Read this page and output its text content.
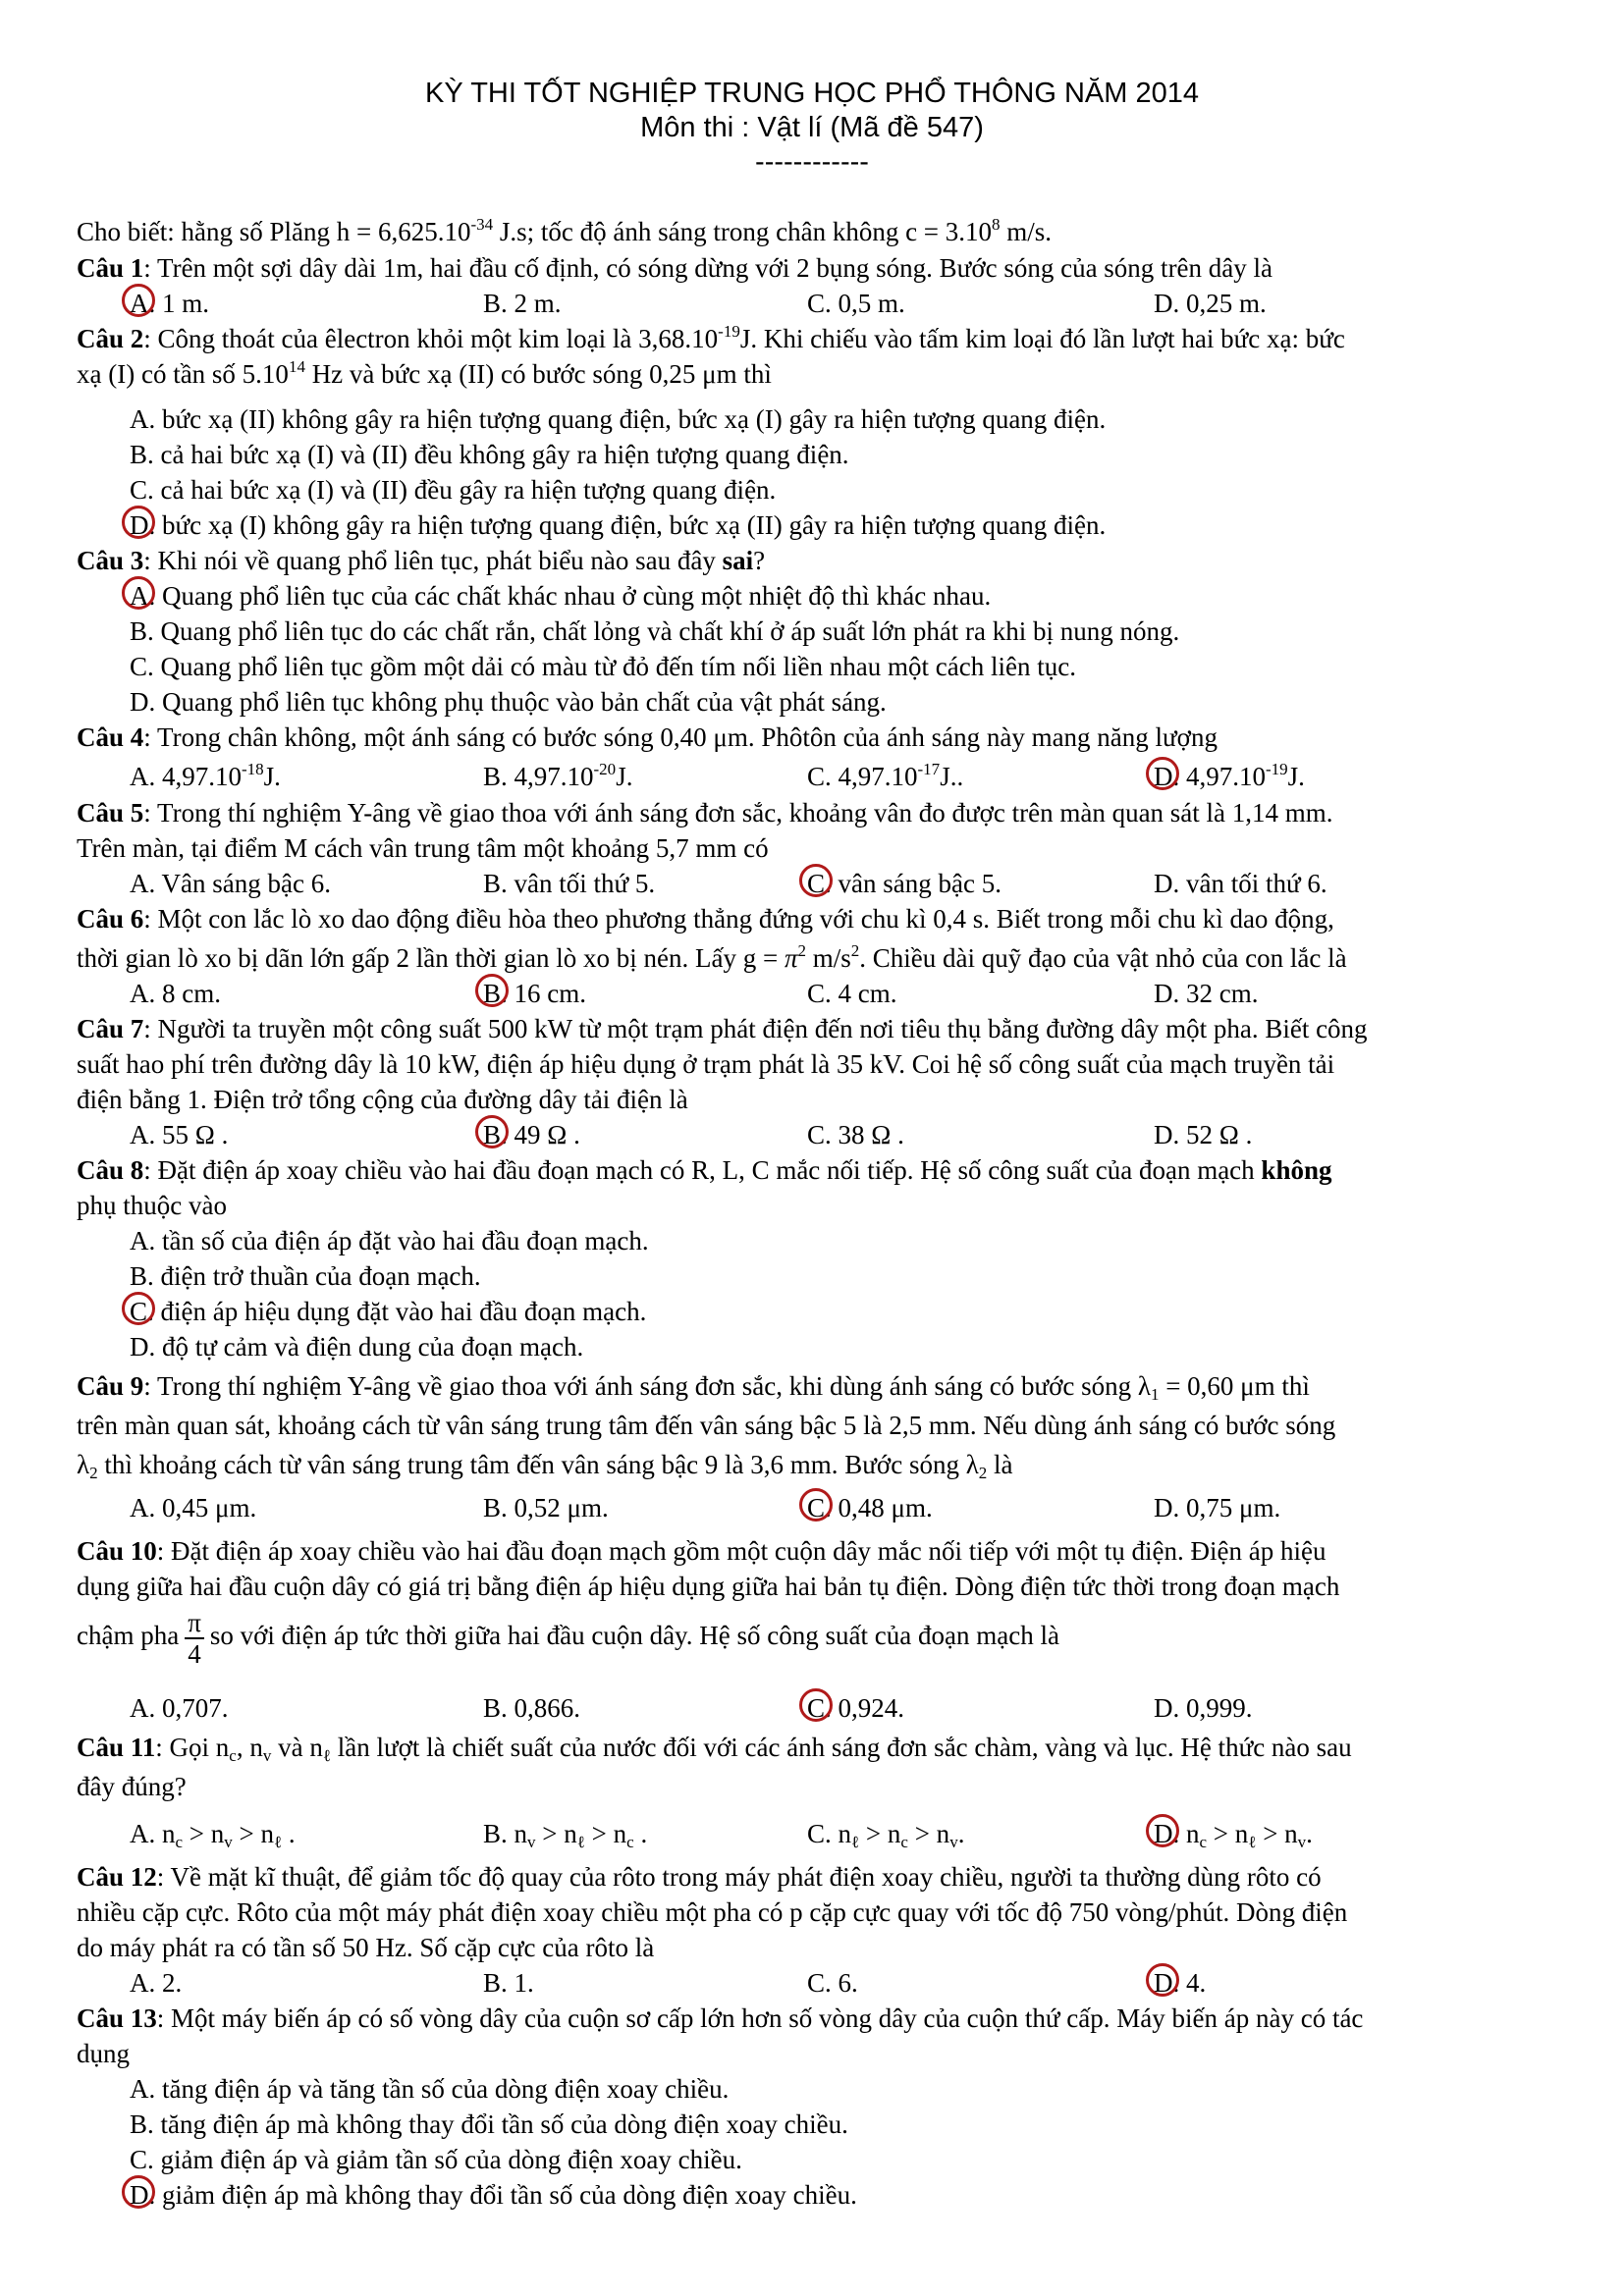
KỲ THI TỐT NGHIỆP TRUNG HỌC PHỔ THÔNG NĂM 2014
Môn thi : Vật lí (Mã đề 547)
------------
Cho biết: hằng số Plăng $h = 6,625.10^{-34}$ J.s; tốc độ ánh sáng trong chân không $c = 3.10^8$ m/s.
Câu 1: Trên một sợi dây dài 1m, hai đầu cố định, có sóng dừng với 2 bụng sóng. Bước sóng của sóng trên dây là
A. 1 m.	B. 2 m.	C. 0,5 m.	D. 0,25 m.
Câu 2: Công thoát của êlectron khỏi một kim loại là $3,68.10^{-19}J$. Khi chiếu vào tấm kim loại đó lần lượt hai bức xạ: bức
xạ (I) có tần số 5.10$^{14}$ Hz và bức xạ (II) có bước sóng 0,25 μm thì
A. bức xạ (II) không gây ra hiện tượng quang điện, bức xạ (I) gây ra hiện tượng quang điện.
B. cả hai bức xạ (I) và (II) đều không gây ra hiện tượng quang điện.
C. cả hai bức xạ (I) và (II) đều gây ra hiện tượng quang điện.
D. bức xạ (I) không gây ra hiện tượng quang điện, bức xạ (II) gây ra hiện tượng quang điện.
Câu 3: Khi nói về quang phổ liên tục, phát biểu nào sau đây sai?
A. Quang phổ liên tục của các chất khác nhau ở cùng một nhiệt độ thì khác nhau.
B. Quang phổ liên tục do các chất rắn, chất lỏng và chất khí ở áp suất lớn phát ra khi bị nung nóng.
C. Quang phổ liên tục gồm một dải có màu từ đỏ đến tím nối liền nhau một cách liên tục.
D. Quang phổ liên tục không phụ thuộc vào bản chất của vật phát sáng.
Câu 4: Trong chân không, một ánh sáng có bước sóng 0,40 μm. Phôtôn của ánh sáng này mang năng lượng
A. $4,97.10^{-18}J$.	B. $4,97.10^{-20}J$.	C. $4,97.10^{-17}J$..	D. $4,97.10^{-19}J$.
Câu 5: Trong thí nghiệm Y-âng về giao thoa với ánh sáng đơn sắc, khoảng vân đo được trên màn quan sát là 1,14 mm.
Trên màn, tại điểm M cách vân trung tâm một khoảng 5,7 mm có
A. Vân sáng bậc 6.	B. vân tối thứ 5.	C. vân sáng bậc 5.	D. vân tối thứ 6.
Câu 6: Một con lắc lò xo dao động điều hòa theo phương thẳng đứng với chu kì 0,4 s. Biết trong mỗi chu kì dao động,
thời gian lò xo bị dãn lớn gấp 2 lần thời gian lò xo bị nén. Lấy $g = \pi^2$ $m/s^2$. Chiều dài quỹ đạo của vật nhỏ của con lắc là
A. 8 cm.	B. 16 cm.	C. 4 cm.	D. 32 cm.
Câu 7: Người ta truyền một công suất 500 kW từ một trạm phát điện đến nơi tiêu thụ bằng đường dây một pha. Biết công
suất hao phí trên đường dây là 10 kW, điện áp hiệu dụng ở trạm phát là 35 kV. Coi hệ số công suất của mạch truyền tải
điện bằng 1. Điện trở tổng cộng của đường dây tải điện là
A. 55 Ω .	B. 49 Ω .	C. 38 Ω .	D. 52 Ω .
Câu 8: Đặt điện áp xoay chiều vào hai đầu đoạn mạch có R, L, C mắc nối tiếp. Hệ số công suất của đoạn mạch không
phụ thuộc vào
A. tần số của điện áp đặt vào hai đầu đoạn mạch.
B. điện trở thuần của đoạn mạch.
C. điện áp hiệu dụng đặt vào hai đầu đoạn mạch.
D. độ tự cảm và điện dung của đoạn mạch.
Câu 9: Trong thí nghiệm Y-âng về giao thoa với ánh sáng đơn sắc, khi dùng ánh sáng có bước sóng $\lambda_1 = 0,60$ μm thì
trên màn quan sát, khoảng cách từ vân sáng trung tâm đến vân sáng bậc 5 là 2,5 mm. Nếu dùng ánh sáng có bước sóng
$\lambda_2$ thì khoảng cách từ vân sáng trung tâm đến vân sáng bậc 9 là 3,6 mm. Bước sóng $\lambda_2$ là
A. 0,45 μm.	B. 0,52 μm.	C. 0,48 μm.	D. 0,75 μm.
Câu 10: Đặt điện áp xoay chiều vào hai đầu đoạn mạch gồm một cuộn dây mắc nối tiếp với một tụ điện. Điện áp hiệu
dụng giữa hai đầu cuộn dây có giá trị bằng điện áp hiệu dụng giữa hai bản tụ điện. Dòng điện tức thời trong đoạn mạch
chậm pha $\frac{\pi}{4}$ so với điện áp tức thời giữa hai đầu cuộn dây. Hệ số công suất của đoạn mạch là
A. 0,707.	B. 0,866.	C. 0,924.	D. 0,999.
Câu 11: Gọi $n_c$, $n_v$ và $n_\ell$ lần lượt là chiết suất của nước đối với các ánh sáng đơn sắc chàm, vàng và lục. Hệ thức nào sau
đây đúng?
A. $n_c > n_v > n_\ell$ .	B. $n_v > n_\ell > n_c$ .	C. $n_\ell > n_c > n_v$.	D. $n_c > n_\ell > n_v$.
Câu 12: Về mặt kĩ thuật, để giảm tốc độ quay của rôto trong máy phát điện xoay chiều, người ta thường dùng rôto có
nhiều cặp cực. Rôto của một máy phát điện xoay chiều một pha có p cặp cực quay với tốc độ 750 vòng/phút. Dòng điện
do máy phát ra có tần số 50 Hz. Số cặp cực của rôto là
A. 2.	B. 1.	C. 6.	D. 4.
Câu 13: Một máy biến áp có số vòng dây của cuộn sơ cấp lớn hơn số vòng dây của cuộn thứ cấp. Máy biến áp này có tác
dụng
A. tăng điện áp và tăng tần số của dòng điện xoay chiều.
B. tăng điện áp mà không thay đổi tần số của dòng điện xoay chiều.
C. giảm điện áp và giảm tần số của dòng điện xoay chiều.
D. giảm điện áp mà không thay đổi tần số của dòng điện xoay chiều.
